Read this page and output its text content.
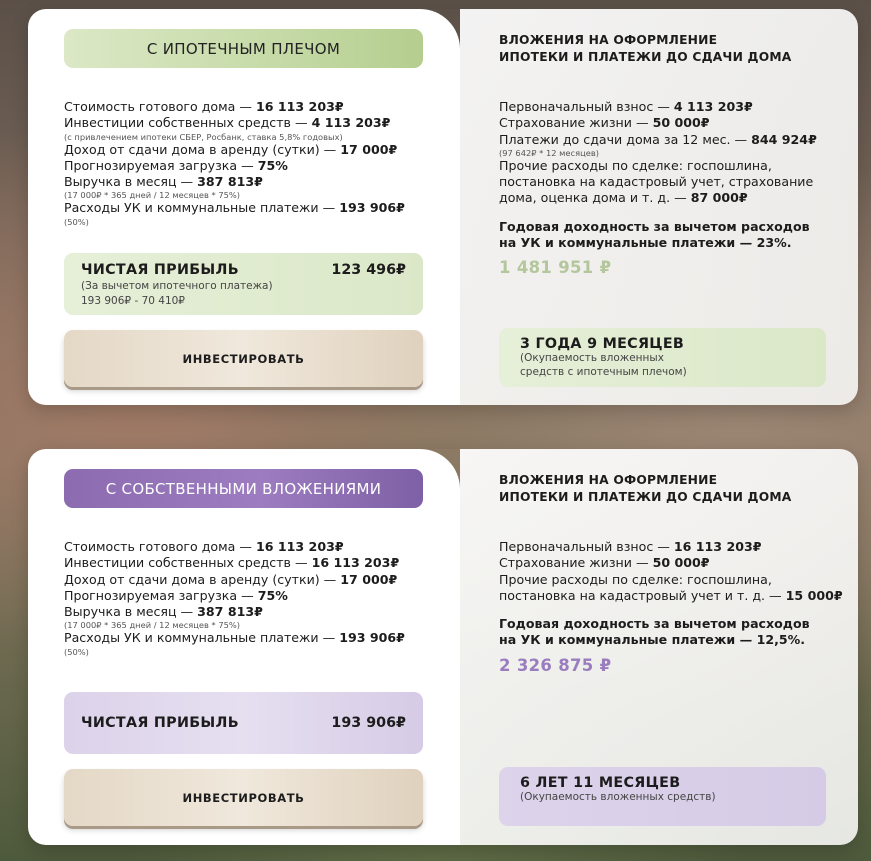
С ИПОТЕЧНЫМ ПЛЕЧОМ
Стоимость готового дома — 16 113 203₽
Инвестиции собственных средств — 4 113 203₽
(с привлечением ипотеки СБЕР, Росбанк, ставка 5,8% годовых)
Доход от сдачи дома в аренду (сутки) — 17 000₽
Прогнозируемая загрузка — 75%
Выручка в месяц — 387 813₽
(17 000₽ * 365 дней / 12 месяцев * 75%)
Расходы УК и коммунальные платежи — 193 906₽
(50%)
ЧИСТАЯ ПРИБЫЛЬ	123 496₽
(За вычетом ипотечного платежа)
193 906₽ - 70 410₽
ИНВЕСТИРОВАТЬ
ВЛОЖЕНИЯ НА ОФОРМЛЕНИЕ
ИПОТЕКИ И ПЛАТЕЖИ ДО СДАЧИ ДОМА
Первоначальный взнос — 4 113 203₽
Страхование жизни — 50 000₽
Платежи до сдачи дома за 12 мес. — 844 924₽
(97 642₽ * 12 месяцев)
Прочие расходы по сделке: госпошлина,
постановка на кадастровый учет, страхование
дома, оценка дома и т. д. — 87 000₽
Годовая доходность за вычетом расходов
на УК и коммунальные платежи — 23%.
1 481 951 ₽
3 ГОДА 9 МЕСЯЦЕВ
(Окупаемость вложенных
средств с ипотечным плечом)
С СОБСТВЕННЫМИ ВЛОЖЕНИЯМИ
Стоимость готового дома — 16 113 203₽
Инвестиции собственных средств — 16 113 203₽
Доход от сдачи дома в аренду (сутки) — 17 000₽
Прогнозируемая загрузка — 75%
Выручка в месяц — 387 813₽
(17 000₽ * 365 дней / 12 месяцев * 75%)
Расходы УК и коммунальные платежи — 193 906₽
(50%)
ЧИСТАЯ ПРИБЫЛЬ	193 906₽
ИНВЕСТИРОВАТЬ
ВЛОЖЕНИЯ НА ОФОРМЛЕНИЕ
ИПОТЕКИ И ПЛАТЕЖИ ДО СДАЧИ ДОМА
Первоначальный взнос — 16 113 203₽
Страхование жизни — 50 000₽
Прочие расходы по сделке: госпошлина,
постановка на кадастровый учет и т. д. — 15 000₽
Годовая доходность за вычетом расходов
на УК и коммунальные платежи — 12,5%.
2 326 875 ₽
6 ЛЕТ 11 МЕСЯЦЕВ
(Окупаемость вложенных средств)
